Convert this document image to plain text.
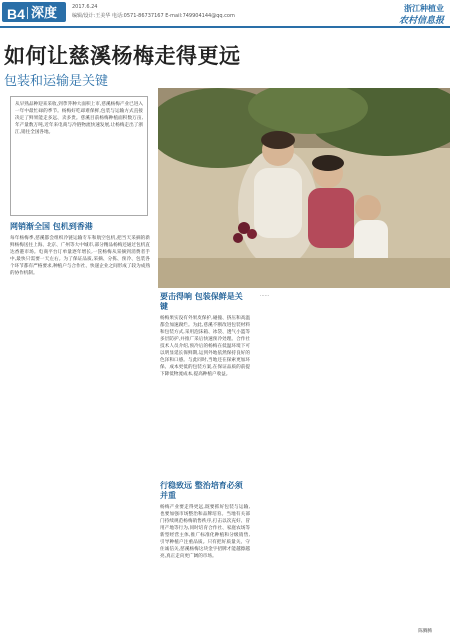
B4 深度	2017.6.24
编辑/设计:王美华 电话:0571-86737167 E-mail:749904144@qq.com
浙江种植业
农村信息报
如何让慈溪杨梅走得更远
包装和运输是关键

从早熟品种迎来采收,到荸荠种大面积上市,慈溪杨梅产业已进入一年中最忙碌的季节。杨梅好吃却难保鲜,包装与运输方式直接决定了鲜果能走多远、卖多贵。慈溪目前杨梅种植面积数万亩,年产量数万吨,近年来电商与冷链物流快速发展,让杨梅走出了浙江,销往全国各地。

网销渐全国 包机到香港

每年杨梅季,慈溪都会组织冷链运输专车和航空包机,把当天采摘的新鲜杨梅送往上海、北京、广州等大中城市,部分精品杨梅还通过包机直达香港市场。电商平台订单量逐年增长,一筐杨梅从采摘到消费者手中,最快只需要一天左右。为了保证品质,采摘、分拣、预冷、包装各个环节都有严格要求,种植户与合作社、快递企业之间形成了较为成熟的协作机制。

要击得响 包装保鲜是关键

杨梅果实没有外果皮保护,碰撞、挤压和高温都会加速腐烂。为此,慈溪不断改进包装材料和包装方式,采用泡沫箱、冰袋、透气小篮等多层防护,并推广采后快速预冷处理。合作社技术人员介绍,预冷后的杨梅在低温环境下可以明显延长保鲜期,运到外地依然保持良好的色泽和口感。与此同时,当地还在探索更加环保、成本更低的包装方案,在保证品质的前提下降低物流成本,提高种植户收益。

行稳致远 整治培育必须并重

杨梅产业要走得更远,既要抓好包装与运输,也要加强市场整治和品牌培育。当地有关部门持续规范杨梅销售秩序,打击以次充好、冒用产地等行为,同时培育合作社、家庭农场等新型经营主体,推广标准化种植和分级销售,引导种植户注重品质。只有把好质量关、守住诚信关,慈溪杨梅这块金字招牌才能越擦越亮,真正走向更广阔的市场。

……

陈腾腾
